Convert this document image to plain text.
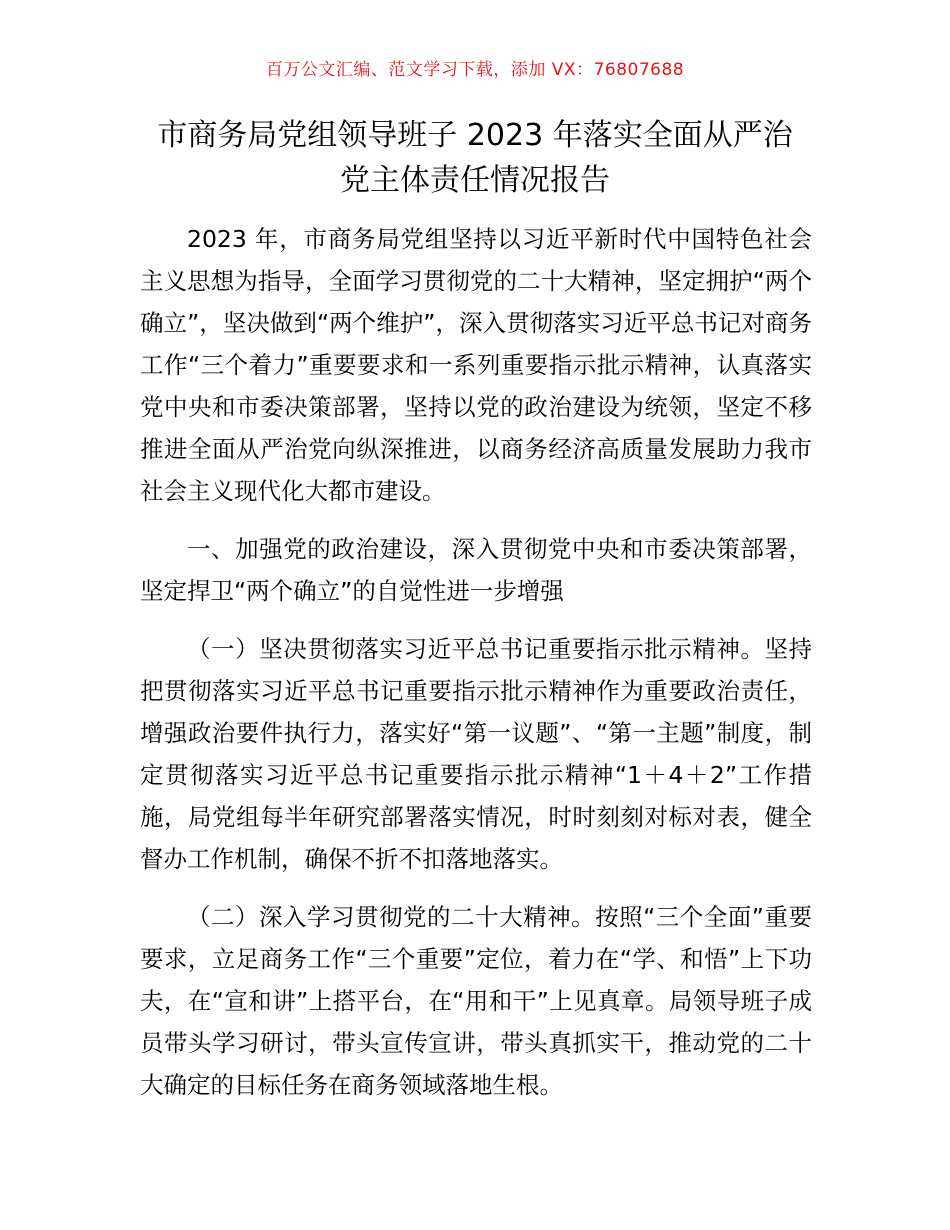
百万公文汇编、范文学习下载，添加 VX：76807688
市商务局党组领导班子 2023 年落实全面从严治
党主体责任情况报告

2023 年，市商务局党组坚持以习近平新时代中国特色社会主义思想为指导，全面学习贯彻党的二十大精神，坚定拥护“两个确立”，坚决做到“两个维护”，深入贯彻落实习近平总书记对商务工作“三个着力”重要要求和一系列重要指示批示精神，认真落实党中央和市委决策部署，坚持以党的政治建设为统领，坚定不移推进全面从严治党向纵深推进，以商务经济高质量发展助力我市社会主义现代化大都市建设。

一、加强党的政治建设，深入贯彻党中央和市委决策部署，坚定捍卫“两个确立”的自觉性进一步增强

（一）坚决贯彻落实习近平总书记重要指示批示精神。坚持把贯彻落实习近平总书记重要指示批示精神作为重要政治责任，增强政治要件执行力，落实好“第一议题”、“第一主题”制度，制定贯彻落实习近平总书记重要指示批示精神“1＋4＋2”工作措施，局党组每半年研究部署落实情况，时时刻刻对标对表，健全督办工作机制，确保不折不扣落地落实。

（二）深入学习贯彻党的二十大精神。按照“三个全面”重要要求，立足商务工作“三个重要”定位，着力在“学、和悟”上下功夫，在“宣和讲”上搭平台，在“用和干”上见真章。局领导班子成员带头学习研讨，带头宣传宣讲，带头真抓实干，推动党的二十大确定的目标任务在商务领域落地生根。
